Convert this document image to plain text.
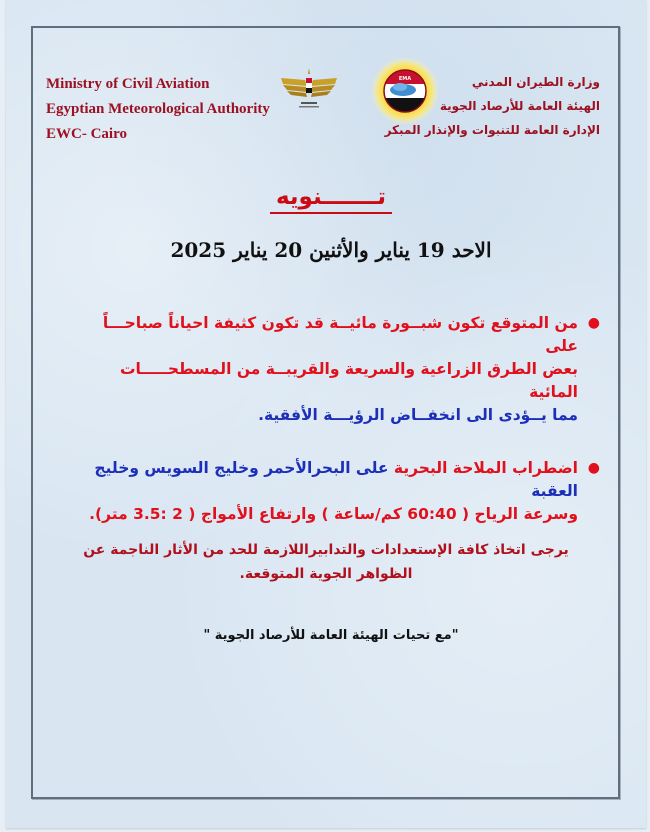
Ministry of Civil Aviation
Egyptian Meteorological Authority
EWC- Cairo
EMA	وزارة الطيران المدني
الهيئة العامة للأرصاد الجوية
الإدارة العامة للتنبوات والإنذار المبكر
تـــــــنويه
الاحد 19 يناير والأثنين 20 يناير 2025
●
من المتوقع تكون شبــورة مائيــة قد تكون كثيفة احياناً صباحـــاً على
بعض الطرق الزراعية والسريعة والقريبــة من المسطحـــــات المائية
مما يــؤدى الى انخفــاض الرؤيـــة الأفقية.
●
اضطراب الملاحة البحرية على البحرالأحمر وخليج السويس وخليج العقبة
وسرعة الرياح ( 60:40 كم/ساعة ) وارتفاع الأمواج ( 2 :3.5 متر).
يرجى اتخاذ كافة الإستعدادات والتدابيراللازمة للحد من الأثار الناجمة عن
الظواهر الجوية المتوقعة.
"مع تحيات الهيئة العامة للأرصاد الجوية "
